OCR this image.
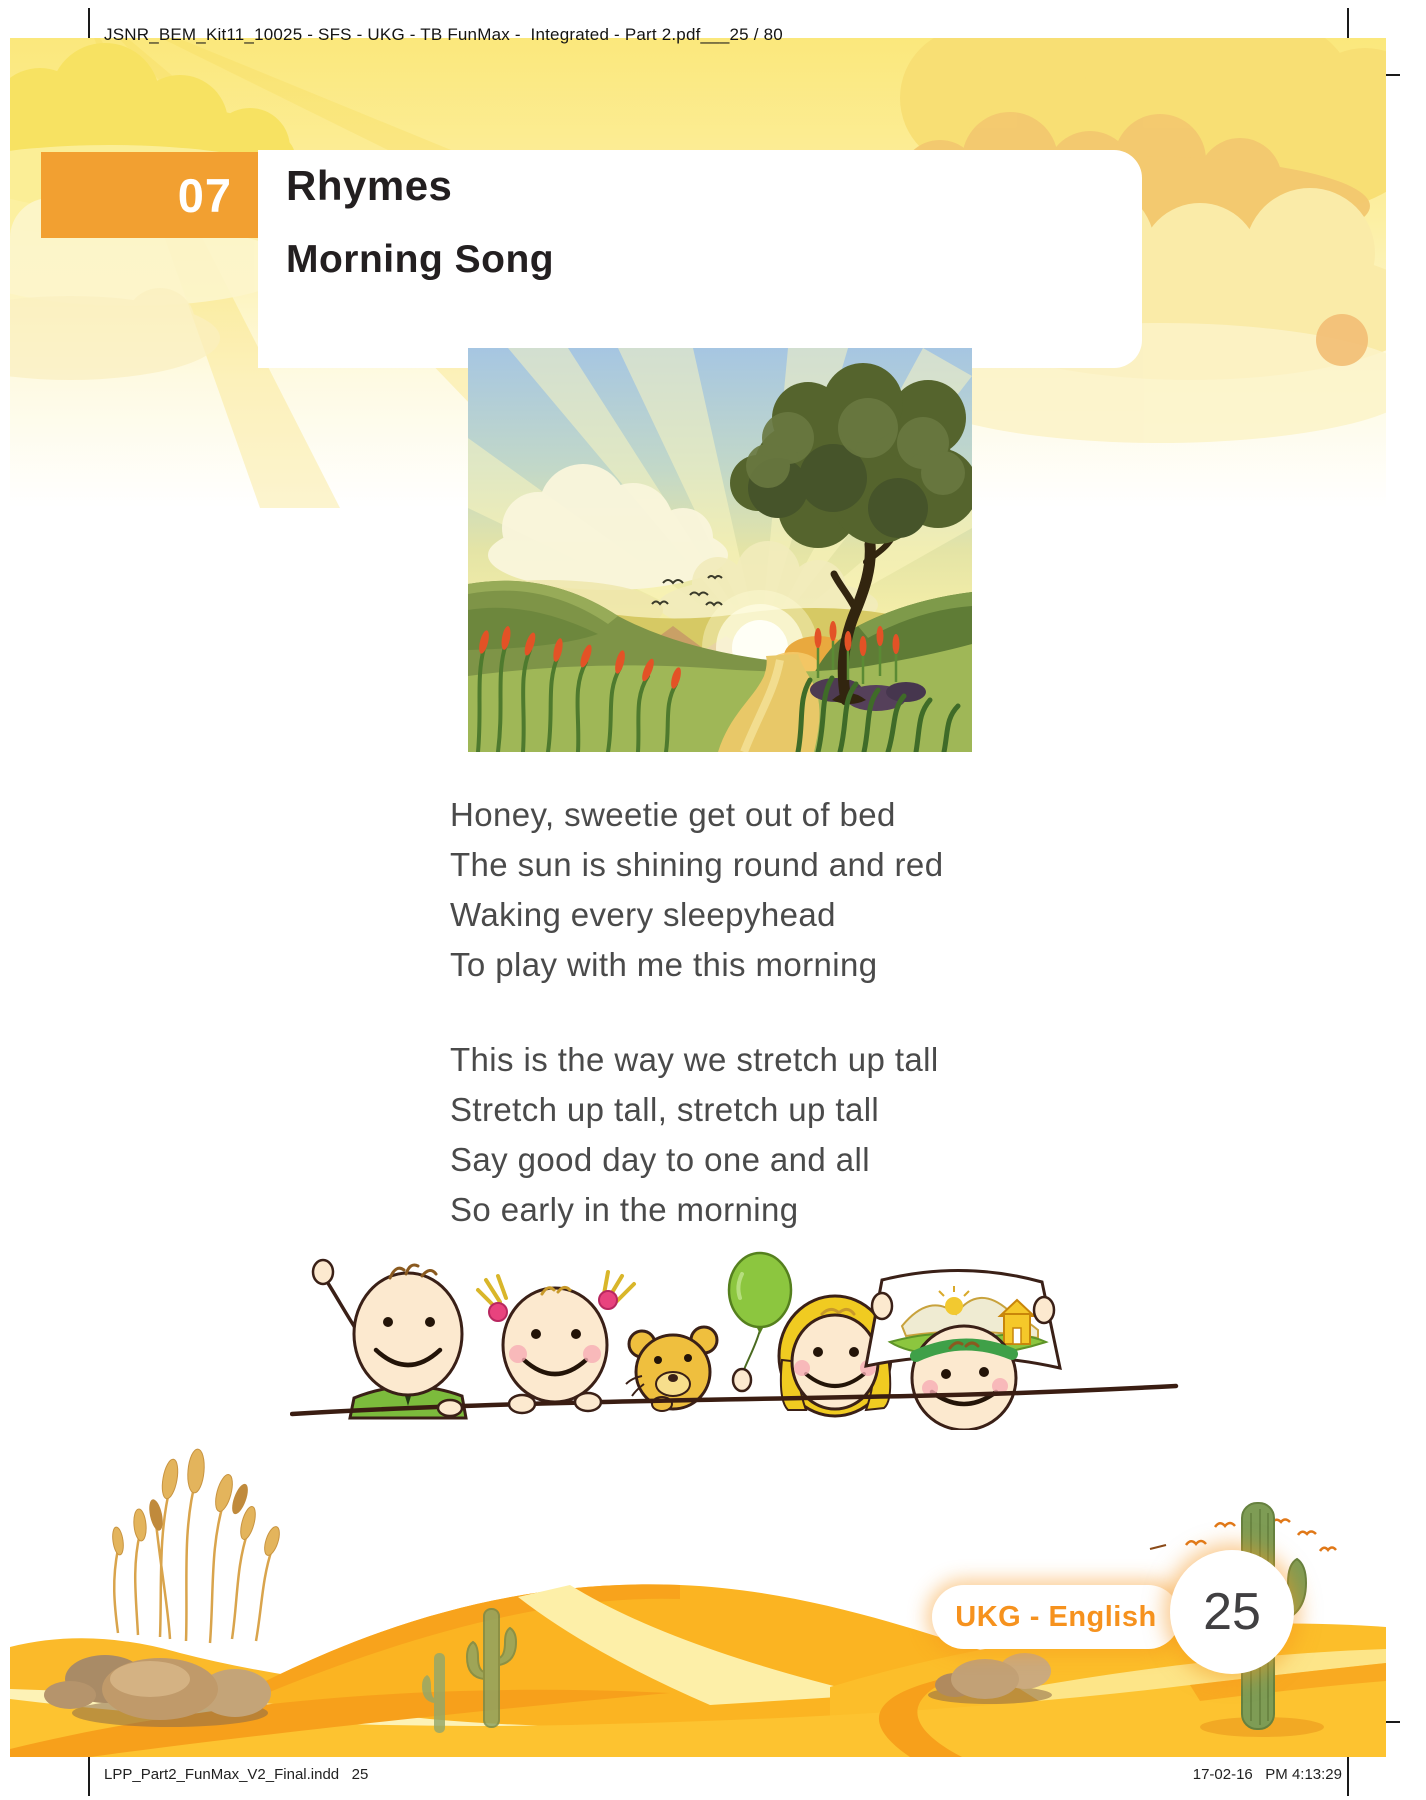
JSNR_BEM_Kit11_10025 - SFS - UKG - TB FunMax -  Integrated - Part 2.pdf___25 / 80
07 Rhymes
Morning Song
Honey, sweetie get out of bed
The sun is shining round and red
Waking every sleepyhead
To play with me this morning
This is the way we stretch up tall
Stretch up tall, stretch up tall
Say good day to one and all
So early in the morning
UKG - English 25
LPP_Part2_FunMax_V2_Final.indd   25	17-02-16   PM 4:13:29
